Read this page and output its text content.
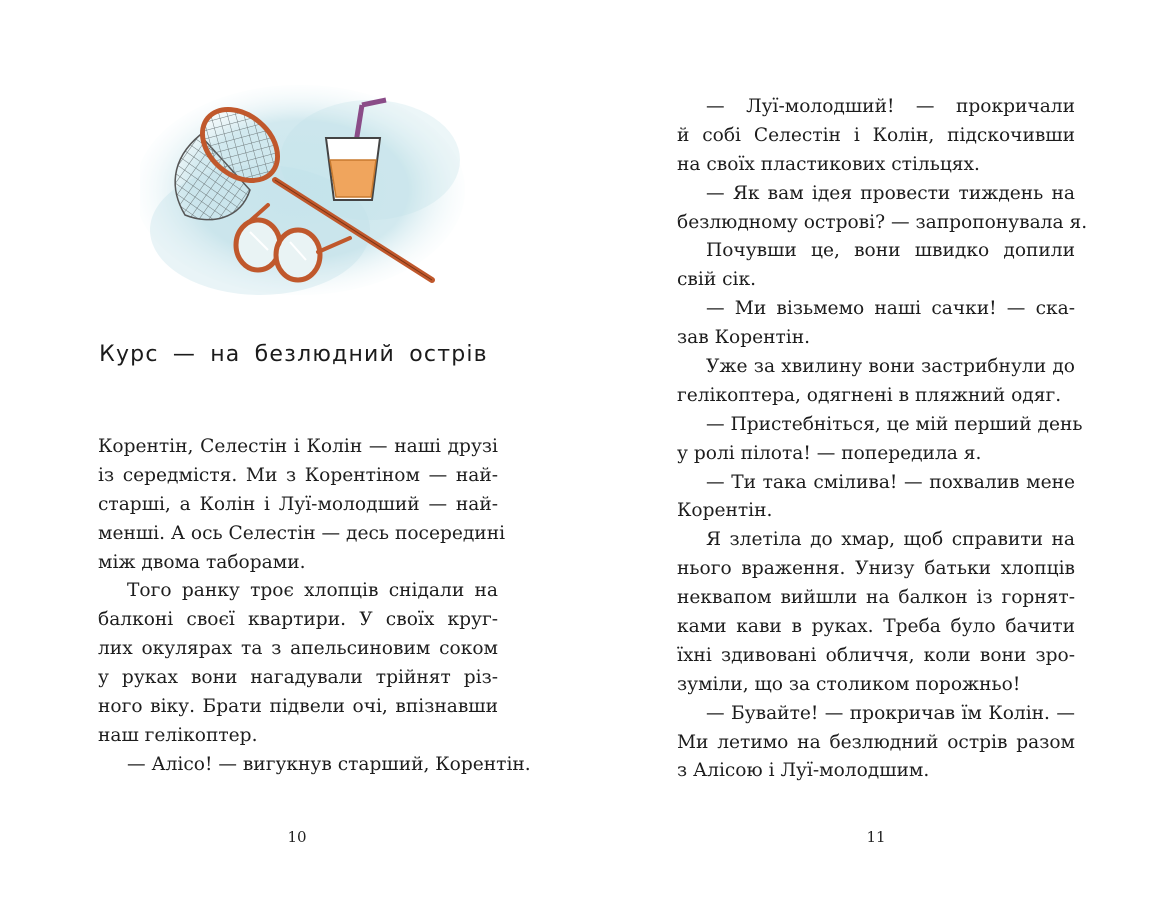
Курс — на безлюдний острів
Корентін, Селестін і Колін — наші друзі
із середмістя. Ми з Корентіном — най-
старші, а Колін і Луї-молодший — най-
менші. А ось Селестін — десь посередині
між двома таборами.
Того ранку троє хлопців снідали на
балконі своєї квартири. У своїх круг-
лих окулярах та з апельсиновим соком
у руках вони нагадували трійнят різ-
ного віку. Брати підвели очі, впізнавши
наш гелікоптер.
— Алісо! — вигукнув старший, Корентін.
10
— Луї-молодший! — прокричали
й собі Селестін і Колін, підскочивши
на своїх пластикових стільцях.
— Як вам ідея провести тиждень на
безлюдному острові? — запропонувала я.
Почувши це, вони швидко допили
свій сік.
— Ми візьмемо наші сачки! — ска-
зав Корентін.
Уже за хвилину вони застрибнули до
гелікоптера, одягнені в пляжний одяг.
— Пристебніться, це мій перший день
у ролі пілота! — попередила я.
— Ти така смілива! — похвалив мене
Корентін.
Я злетіла до хмар, щоб справити на
нього враження. Унизу батьки хлопців
неквапом вийшли на балкон із горнят-
ками кави в руках. Треба було бачити
їхні здивовані обличчя, коли вони зро-
зуміли, що за столиком порожньо!
— Бувайте! — прокричав їм Колін. —
Ми летимо на безлюдний острів разом
з Алісою і Луї-молодшим.
11
